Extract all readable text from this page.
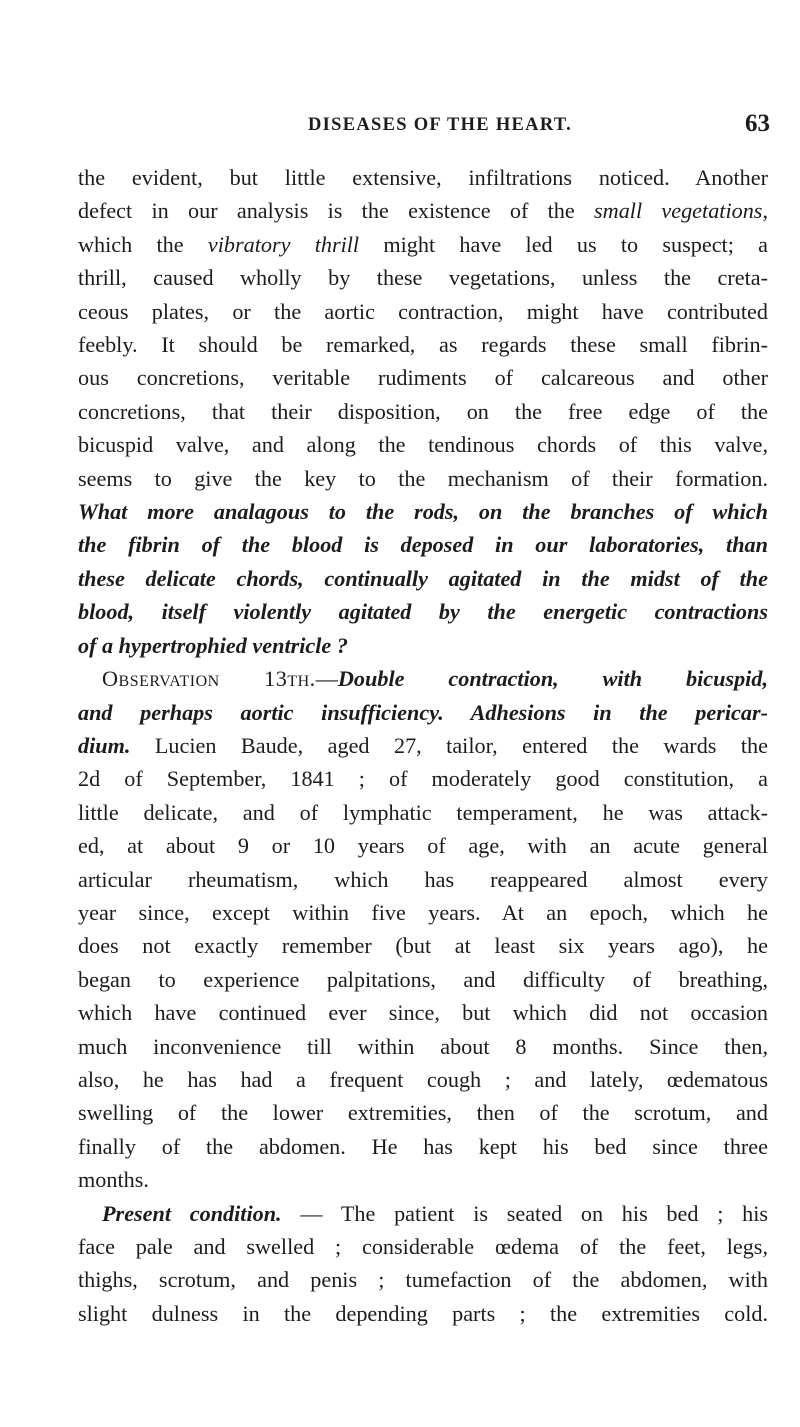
DISEASES OF THE HEART.	63

the evident, but little extensive, infiltrations noticed. Another
defect in our analysis is the existence of the small vegetations,
which the vibratory thrill might have led us to suspect; a
thrill, caused wholly by these vegetations, unless the creta-
ceous plates, or the aortic contraction, might have contributed
feebly. It should be remarked, as regards these small fibrin-
ous concretions, veritable rudiments of calcareous and other
concretions, that their disposition, on the free edge of the
bicuspid valve, and along the tendinous chords of this valve,
seems to give the key to the mechanism of their formation.
What more analagous to the rods, on the branches of which
the fibrin of the blood is deposed in our laboratories, than
these delicate chords, continually agitated in the midst of the
blood, itself violently agitated by the energetic contractions
of a hypertrophied ventricle ?

Observation 13th.—Double contraction, with bicuspid,
and perhaps aortic insufficiency. Adhesions in the pericar-
dium. Lucien Baude, aged 27, tailor, entered the wards the
2d of September, 1841 ; of moderately good constitution, a
little delicate, and of lymphatic temperament, he was attack-
ed, at about 9 or 10 years of age, with an acute general
articular rheumatism, which has reappeared almost every
year since, except within five years. At an epoch, which he
does not exactly remember (but at least six years ago), he
began to experience palpitations, and difficulty of breathing,
which have continued ever since, but which did not occasion
much inconvenience till within about 8 months. Since then,
also, he has had a frequent cough ; and lately, œdematous
swelling of the lower extremities, then of the scrotum, and
finally of the abdomen. He has kept his bed since three
months.

Present condition. — The patient is seated on his bed ; his
face pale and swelled ; considerable œdema of the feet, legs,
thighs, scrotum, and penis ; tumefaction of the abdomen, with
slight dulness in the depending parts ; the extremities cold.
